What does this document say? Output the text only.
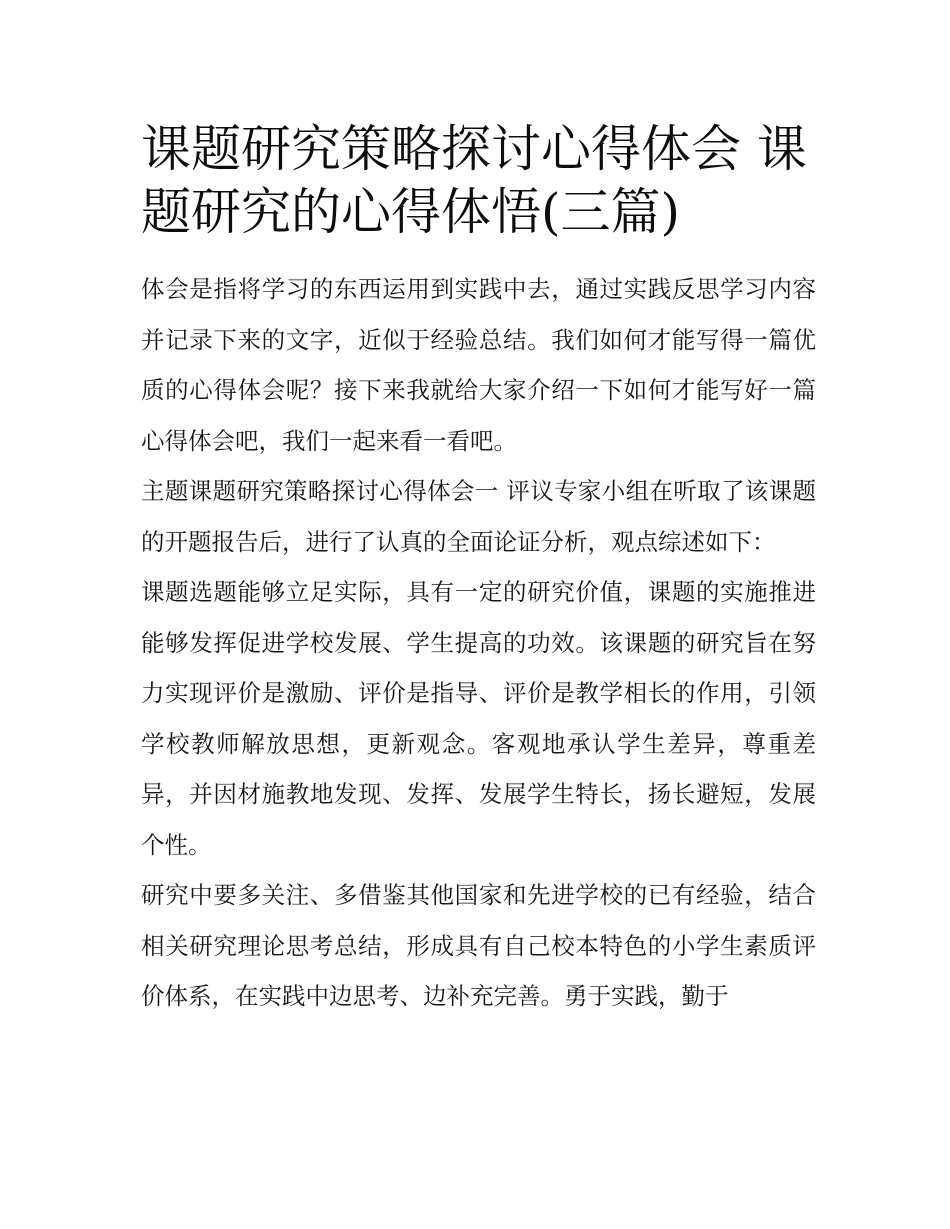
课题研究策略探讨心得体会 课题研究的心得体悟(三篇)

体会是指将学习的东西运用到实践中去，通过实践反思学习内容并记录下来的文字，近似于经验总结。我们如何才能写得一篇优质的心得体会呢？接下来我就给大家介绍一下如何才能写好一篇心得体会吧，我们一起来看一看吧。

主题课题研究策略探讨心得体会一 评议专家小组在听取了该课题的开题报告后，进行了认真的全面论证分析，观点综述如下：

课题选题能够立足实际，具有一定的研究价值，课题的实施推进能够发挥促进学校发展、学生提高的功效。该课题的研究旨在努力实现评价是激励、评价是指导、评价是教学相长的作用，引领学校教师解放思想，更新观念。客观地承认学生差异，尊重差异，并因材施教地发现、发挥、发展学生特长，扬长避短，发展个性。

研究中要多关注、多借鉴其他国家和先进学校的已有经验，结合相关研究理论思考总结，形成具有自己校本特色的小学生素质评价体系，在实践中边思考、边补充完善。勇于实践，勤于
